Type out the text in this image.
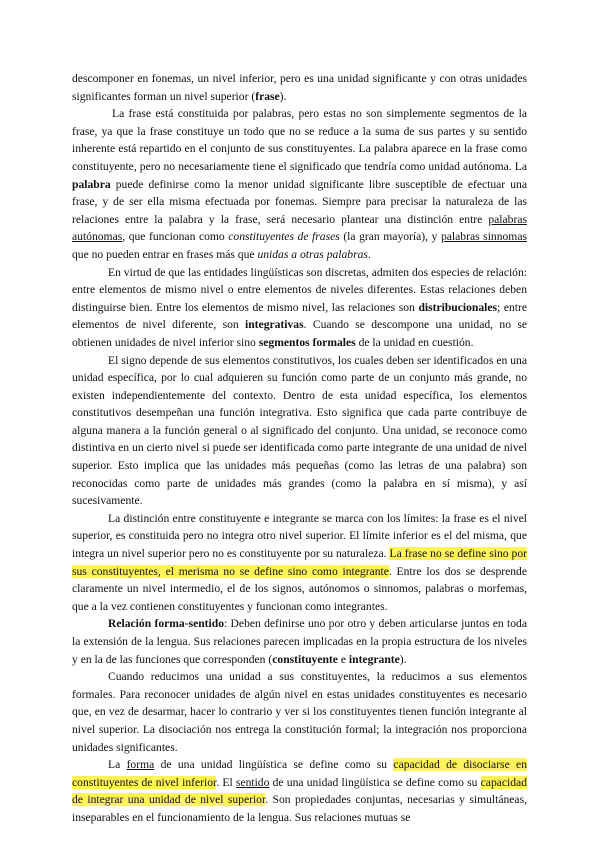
descomponer en fonemas, un nivel inferior, pero es una unidad significante y con otras unidades significantes forman un nivel superior (frase).

La frase está constituida por palabras, pero estas no son simplemente segmentos de la frase, ya que la frase constituye un todo que no se reduce a la suma de sus partes y su sentido inherente está repartido en el conjunto de sus constituyentes. La palabra aparece en la frase como constituyente, pero no necesariamente tiene el significado que tendría como unidad autónoma. La palabra puede definirse como la menor unidad significante libre susceptible de efectuar una frase, y de ser ella misma efectuada por fonemas. Siempre para precisar la naturaleza de las relaciones entre la palabra y la frase, será necesario plantear una distinción entre palabras autónomas, que funcionan como constituyentes de frases (la gran mayoría), y palabras sinnomas que no pueden entrar en frases más que unidas a otras palabras.

En virtud de que las entidades lingüísticas son discretas, admiten dos especies de relación: entre elementos de mismo nivel o entre elementos de niveles diferentes. Estas relaciones deben distinguirse bien. Entre los elementos de mismo nivel, las relaciones son distribucionales; entre elementos de nivel diferente, son integrativas. Cuando se descompone una unidad, no se obtienen unidades de nivel inferior sino segmentos formales de la unidad en cuestión.

El signo depende de sus elementos constitutivos, los cuales deben ser identificados en una unidad específica, por lo cual adquieren su función como parte de un conjunto más grande, no existen independientemente del contexto. Dentro de esta unidad específica, los elementos constitutivos desempeñan una función integrativa. Esto significa que cada parte contribuye de alguna manera a la función general o al significado del conjunto. Una unidad, se reconoce como distintiva en un cierto nivel si puede ser identificada como parte integrante de una unidad de nivel superior. Esto implica que las unidades más pequeñas (como las letras de una palabra) son reconocidas como parte de unidades más grandes (como la palabra en sí misma), y así sucesivamente.

La distinción entre constituyente e integrante se marca con los límites: la frase es el nivel superior, es constituida pero no integra otro nivel superior. El límite inferior es el del misma, que integra un nivel superior pero no es constituyente por su naturaleza. La frase no se define sino por sus constituyentes, el merisma no se define sino como integrante. Entre los dos se desprende claramente un nivel intermedio, el de los signos, autónomos o sinnomos, palabras o morfemas, que a la vez contienen constituyentes y funcionan como integrantes.

Relación forma-sentido: Deben definirse uno por otro y deben articularse juntos en toda la extensión de la lengua. Sus relaciones parecen implicadas en la propia estructura de los niveles y en la de las funciones que corresponden (constituyente e integrante).

Cuando reducimos una unidad a sus constituyentes, la reducimos a sus elementos formales. Para reconocer unidades de algún nivel en estas unidades constituyentes es necesario que, en vez de desarmar, hacer lo contrario y ver si los constituyentes tienen función integrante al nivel superior. La disociación nos entrega la constitución formal; la integración nos proporciona unidades significantes.

La forma de una unidad lingüística se define como su capacidad de disociarse en constituyentes de nivel inferior. El sentido de una unidad lingüística se define como su capacidad de integrar una unidad de nivel superior. Son propiedades conjuntas, necesarias y simultáneas, inseparables en el funcionamiento de la lengua. Sus relaciones mutuas se
